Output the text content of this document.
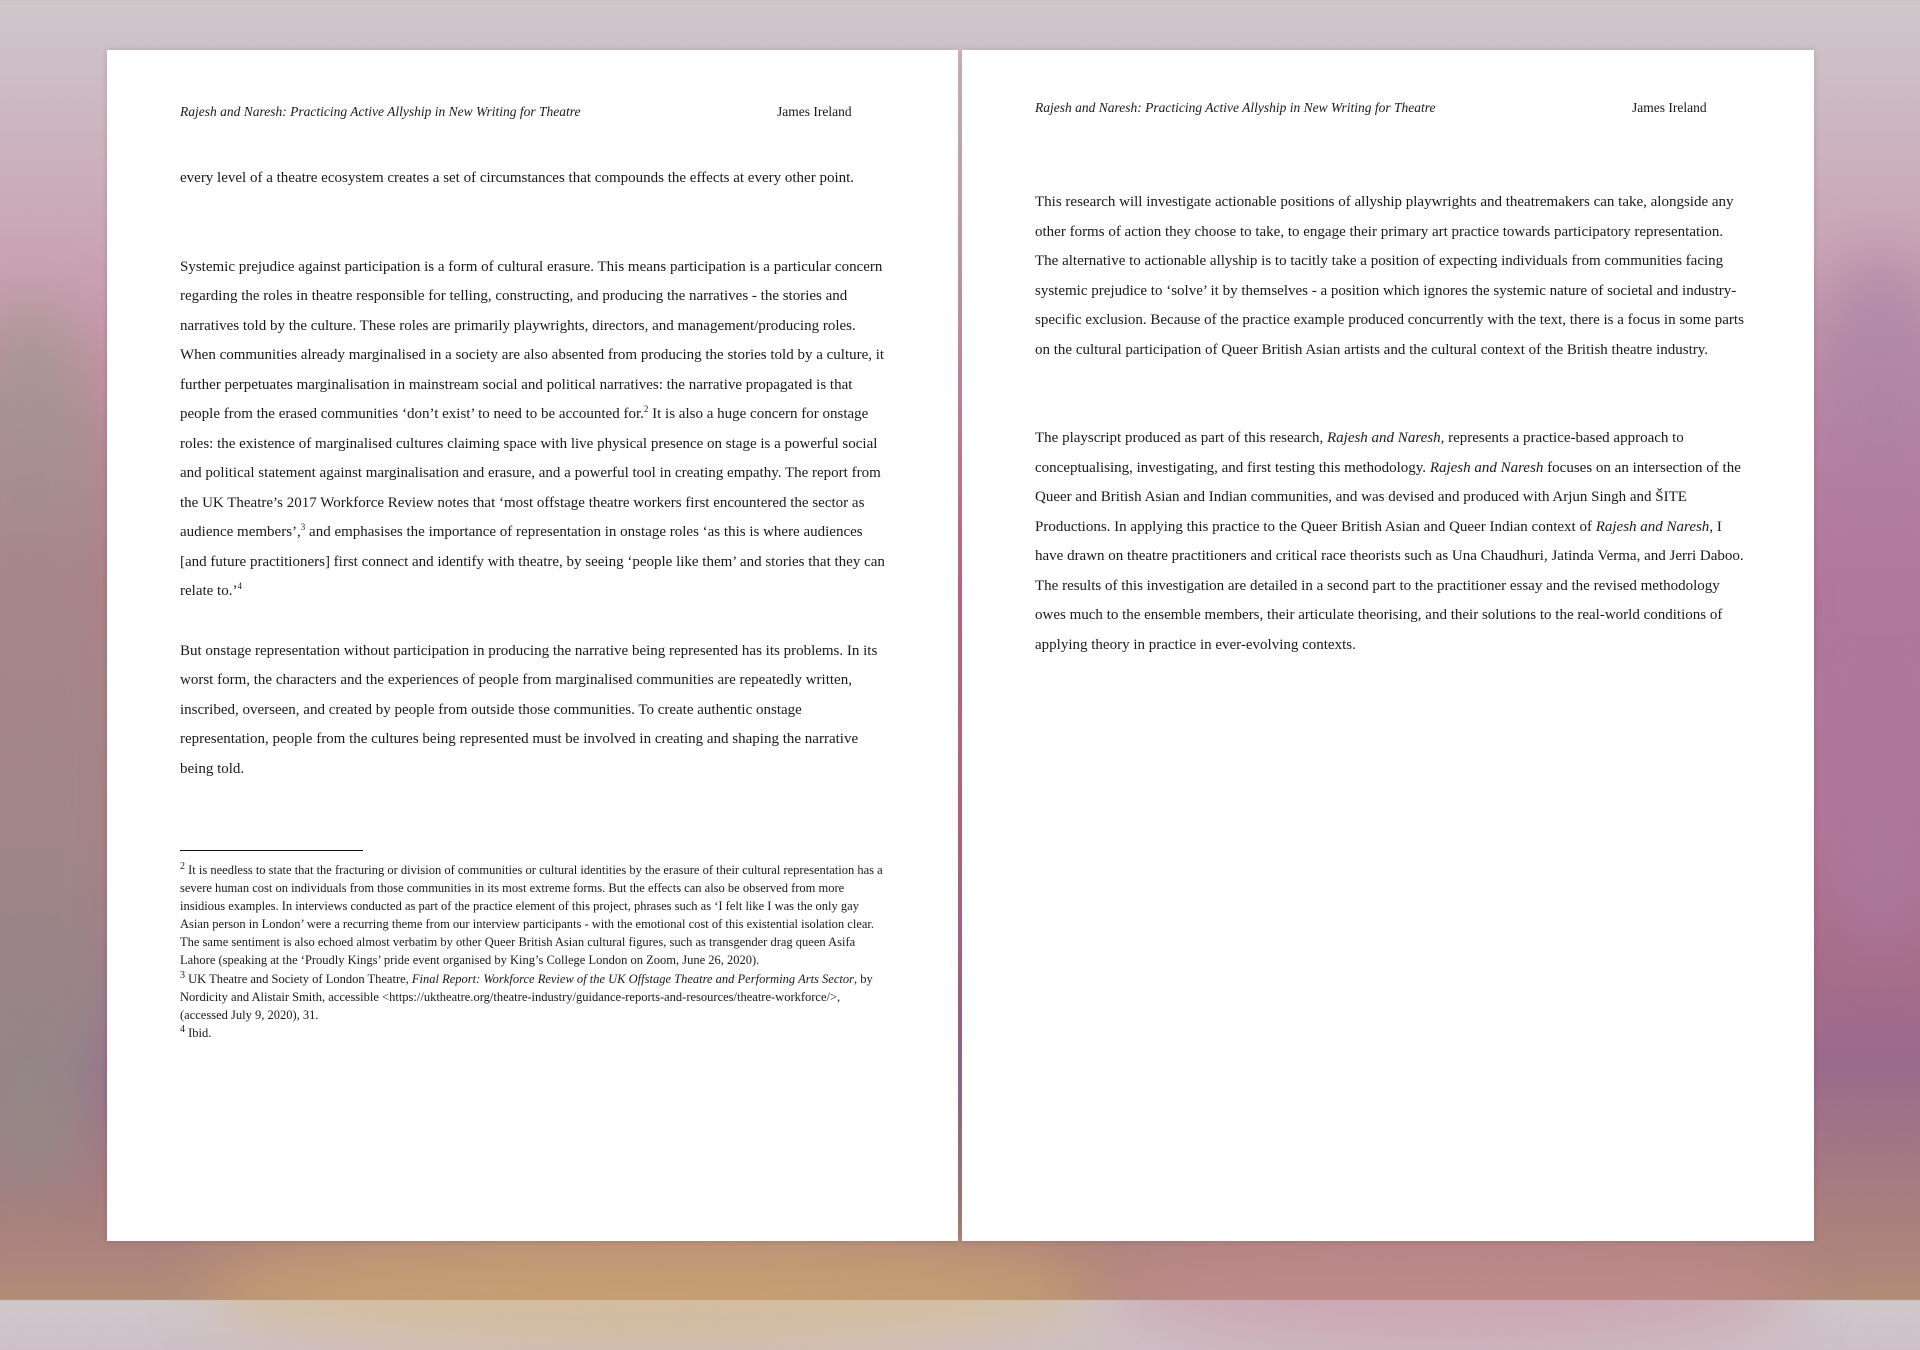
Rajesh and Naresh: Practicing Active Allyship in New Writing for Theatre	James Ireland

every level of a theatre ecosystem creates a set of circumstances that compounds the effects at every other point.

Systemic prejudice against participation is a form of cultural erasure. This means participation is a particular concern regarding the roles in theatre responsible for telling, constructing, and producing the narratives - the stories and narratives told by the culture. These roles are primarily playwrights, directors, and management/producing roles. When communities already marginalised in a society are also absented from producing the stories told by a culture, it further perpetuates marginalisation in mainstream social and political narratives: the narrative propagated is that people from the erased communities ‘don’t exist’ to need to be accounted for.$^2$ It is also a huge concern for onstage roles: the existence of marginalised cultures claiming space with live physical presence on stage is a powerful social and political statement against marginalisation and erasure, and a powerful tool in creating empathy. The report from the UK Theatre’s 2017 Workforce Review notes that ‘most offstage theatre workers first encountered the sector as audience members’,$^3$ and emphasises the importance of representation in onstage roles ‘as this is where audiences [and future practitioners] first connect and identify with theatre, by seeing ‘people like them’ and stories that they can relate to.’$^4$

But onstage representation without participation in producing the narrative being represented has its problems. In its worst form, the characters and the experiences of people from marginalised communities are repeatedly written, inscribed, overseen, and created by people from outside those communities. To create authentic onstage representation, people from the cultures being represented must be involved in creating and shaping the narrative being told.

$^2$ It is needless to state that the fracturing or division of communities or cultural identities by the erasure of their cultural representation has a severe human cost on individuals from those communities in its most extreme forms. But the effects can also be observed from more insidious examples. In interviews conducted as part of the practice element of this project, phrases such as ‘I felt like I was the only gay Asian person in London’ were a recurring theme from our interview participants - with the emotional cost of this existential isolation clear. The same sentiment is also echoed almost verbatim by other Queer British Asian cultural figures, such as transgender drag queen Asifa Lahore (speaking at the ‘Proudly Kings’ pride event organised by King’s College London on Zoom, June 26, 2020).

$^3$ UK Theatre and Society of London Theatre, Final Report: Workforce Review of the UK Offstage Theatre and Performing Arts Sector, by Nordicity and Alistair Smith, accessible <https://uktheatre.org/theatre-industry/guidance-reports-and-resources/theatre-workforce/>, (accessed July 9, 2020), 31.

$^4$ Ibid.

Rajesh and Naresh: Practicing Active Allyship in New Writing for Theatre	James Ireland

This research will investigate actionable positions of allyship playwrights and theatremakers can take, alongside any other forms of action they choose to take, to engage their primary art practice towards participatory representation. The alternative to actionable allyship is to tacitly take a position of expecting individuals from communities facing systemic prejudice to ‘solve’ it by themselves - a position which ignores the systemic nature of societal and industry-specific exclusion. Because of the practice example produced concurrently with the text, there is a focus in some parts on the cultural participation of Queer British Asian artists and the cultural context of the British theatre industry.

The playscript produced as part of this research, Rajesh and Naresh, represents a practice-based approach to conceptualising, investigating, and first testing this methodology. Rajesh and Naresh focuses on an intersection of the Queer and British Asian and Indian communities, and was devised and produced with Arjun Singh and ŠITE Productions. In applying this practice to the Queer British Asian and Queer Indian context of Rajesh and Naresh, I have drawn on theatre practitioners and critical race theorists such as Una Chaudhuri, Jatinda Verma, and Jerri Daboo. The results of this investigation are detailed in a second part to the practitioner essay and the revised methodology owes much to the ensemble members, their articulate theorising, and their solutions to the real-world conditions of applying theory in practice in ever-evolving contexts.
